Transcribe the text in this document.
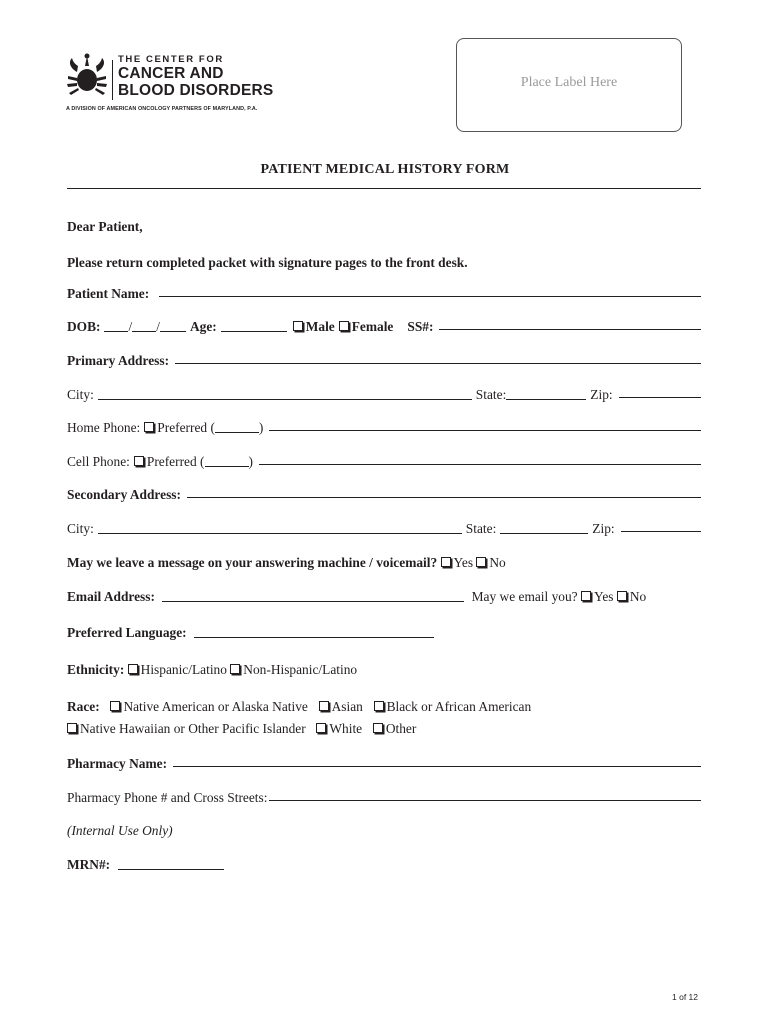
THE CENTER FOR
CANCER AND
BLOOD DISORDERS
A DIVISION OF AMERICAN ONCOLOGY PARTNERS OF MARYLAND, P.A.
Place Label Here
PATIENT MEDICAL HISTORY FORM
Dear Patient,
Please return completed packet with signature pages to the front desk.
Patient Name:
DOB: / / Age:	Male Female SS#:
Primary Address:
City:	State:	Zip:
Home Phone: Preferred (	)
Cell Phone: Preferred (	)
Secondary Address:
City:	State:	Zip:
May we leave a message on your answering machine / voicemail? Yes No
Email Address:	May we email you? Yes No
Preferred Language:
Ethnicity: Hispanic/Latino Non-Hispanic/Latino
Race: Native American or Alaska Native Asian Black or African American
Native Hawaiian or Other Pacific Islander White Other
Pharmacy Name:
Pharmacy Phone # and Cross Streets:
(Internal Use Only)
MRN#:
1 of 12
